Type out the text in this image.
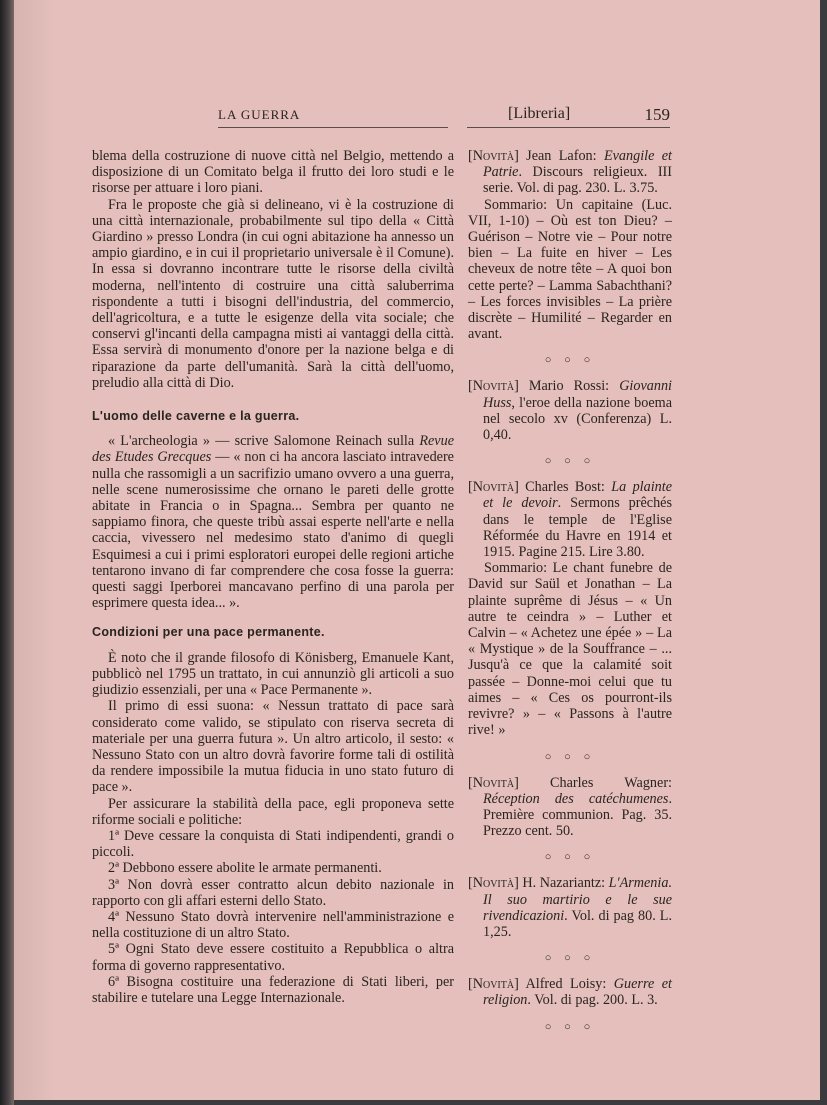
LA GUERRA	[Libreria]	159

blema della costruzione di nuove città nel Belgio, mettendo a disposizione di un Comitato belga il frutto dei loro studi e le risorse per attuare i loro piani.

Fra le proposte che già si delineano, vi è la costruzione di una città internazionale, probabilmente sul tipo della « Città Giardino » presso Londra (in cui ogni abitazione ha annesso un ampio giardino, e in cui il proprietario universale è il Comune). In essa si dovranno incontrare tutte le risorse della civiltà moderna, nell'intento di costruire una città saluberrima rispondente a tutti i bisogni dell'industria, del commercio, dell'agricoltura, e a tutte le esigenze della vita sociale; che conservi gl'incanti della campagna misti ai vantaggi della città. Essa servirà di monumento d'onore per la nazione belga e di riparazione da parte dell'umanità. Sarà la città dell'uomo, preludio alla città di Dio.

L'uomo delle caverne e la guerra.

« L'archeologia » — scrive Salomone Reinach sulla Revue des Etudes Grecques — « non ci ha ancora lasciato intravedere nulla che rassomigli a un sacrifizio umano ovvero a una guerra, nelle scene numerosissime che ornano le pareti delle grotte abitate in Francia o in Spagna... Sembra per quanto ne sappiamo finora, che queste tribù assai esperte nell'arte e nella caccia, vivessero nel medesimo stato d'animo di quegli Esquimesi a cui i primi esploratori europei delle regioni artiche tentarono invano di far comprendere che cosa fosse la guerra: questi saggi Iperborei mancavano perfino di una parola per esprimere questa idea... ».

Condizioni per una pace permanente.

È noto che il grande filosofo di Könisberg, Emanuele Kant, pubblicò nel 1795 un trattato, in cui annunziò gli articoli a suo giudizio essenziali, per una « Pace Permanente ».

Il primo di essi suona: « Nessun trattato di pace sarà considerato come valido, se stipulato con riserva secreta di materiale per una guerra futura ». Un altro articolo, il sesto: « Nessuno Stato con un altro dovrà favorire forme tali di ostilità da rendere impossibile la mutua fiducia in uno stato futuro di pace ».

Per assicurare la stabilità della pace, egli proponeva sette riforme sociali e politiche:

1ª Deve cessare la conquista di Stati indipendenti, grandi o piccoli.

2ª Debbono essere abolite le armate permanenti.

3ª Non dovrà esser contratto alcun debito nazionale in rapporto con gli affari esterni dello Stato.

4ª Nessuno Stato dovrà intervenire nell'amministrazione e nella costituzione di un altro Stato.

5ª Ogni Stato deve essere costituito a Repubblica o altra forma di governo rappresentativo.

6ª Bisogna costituire una federazione di Stati liberi, per stabilire e tutelare una Legge Internazionale.

[Novità] Jean Lafon: Evangile et Patrie. Discours religieux. III serie. Vol. di pag. 230. L. 3.75.

Sommario: Un capitaine (Luc. VII, 1-10) – Où est ton Dieu? – Guérison – Notre vie – Pour notre bien – La fuite en hiver – Les cheveux de notre tête – A quoi bon cette perte? – Lamma Sabachthani? – Les forces invisibles – La prière discrète – Humilité – Regarder en avant.

○ ○ ○

[Novità] Mario Rossi: Giovanni Huss, l'eroe della nazione boema nel secolo xv (Conferenza) L. 0,40.

○ ○ ○

[Novità] Charles Bost: La plainte et le devoir. Sermons prêchés dans le temple de l'Eglise Réformée du Havre en 1914 et 1915. Pagine 215. Lire 3.80.

Sommario: Le chant funebre de David sur Saül et Jonathan – La plainte suprême di Jésus – « Un autre te ceindra » – Luther et Calvin – « Achetez une épée » – La « Mystique » de la Souffrance – ... Jusqu'à ce que la calamité soit passée – Donne-moi celui que tu aimes – « Ces os pourront-ils revivre? » – « Passons à l'autre rive! »

○ ○ ○

[Novità] Charles Wagner: Réception des catéchumenes. Première communion. Pag. 35. Prezzo cent. 50.

○ ○ ○

[Novità] H. Nazariantz: L'Armenia. Il suo martirio e le sue rivendicazioni. Vol. di pag 80. L. 1,25.

○ ○ ○

[Novità] Alfred Loisy: Guerre et religion. Vol. di pag. 200. L. 3.

○ ○ ○
